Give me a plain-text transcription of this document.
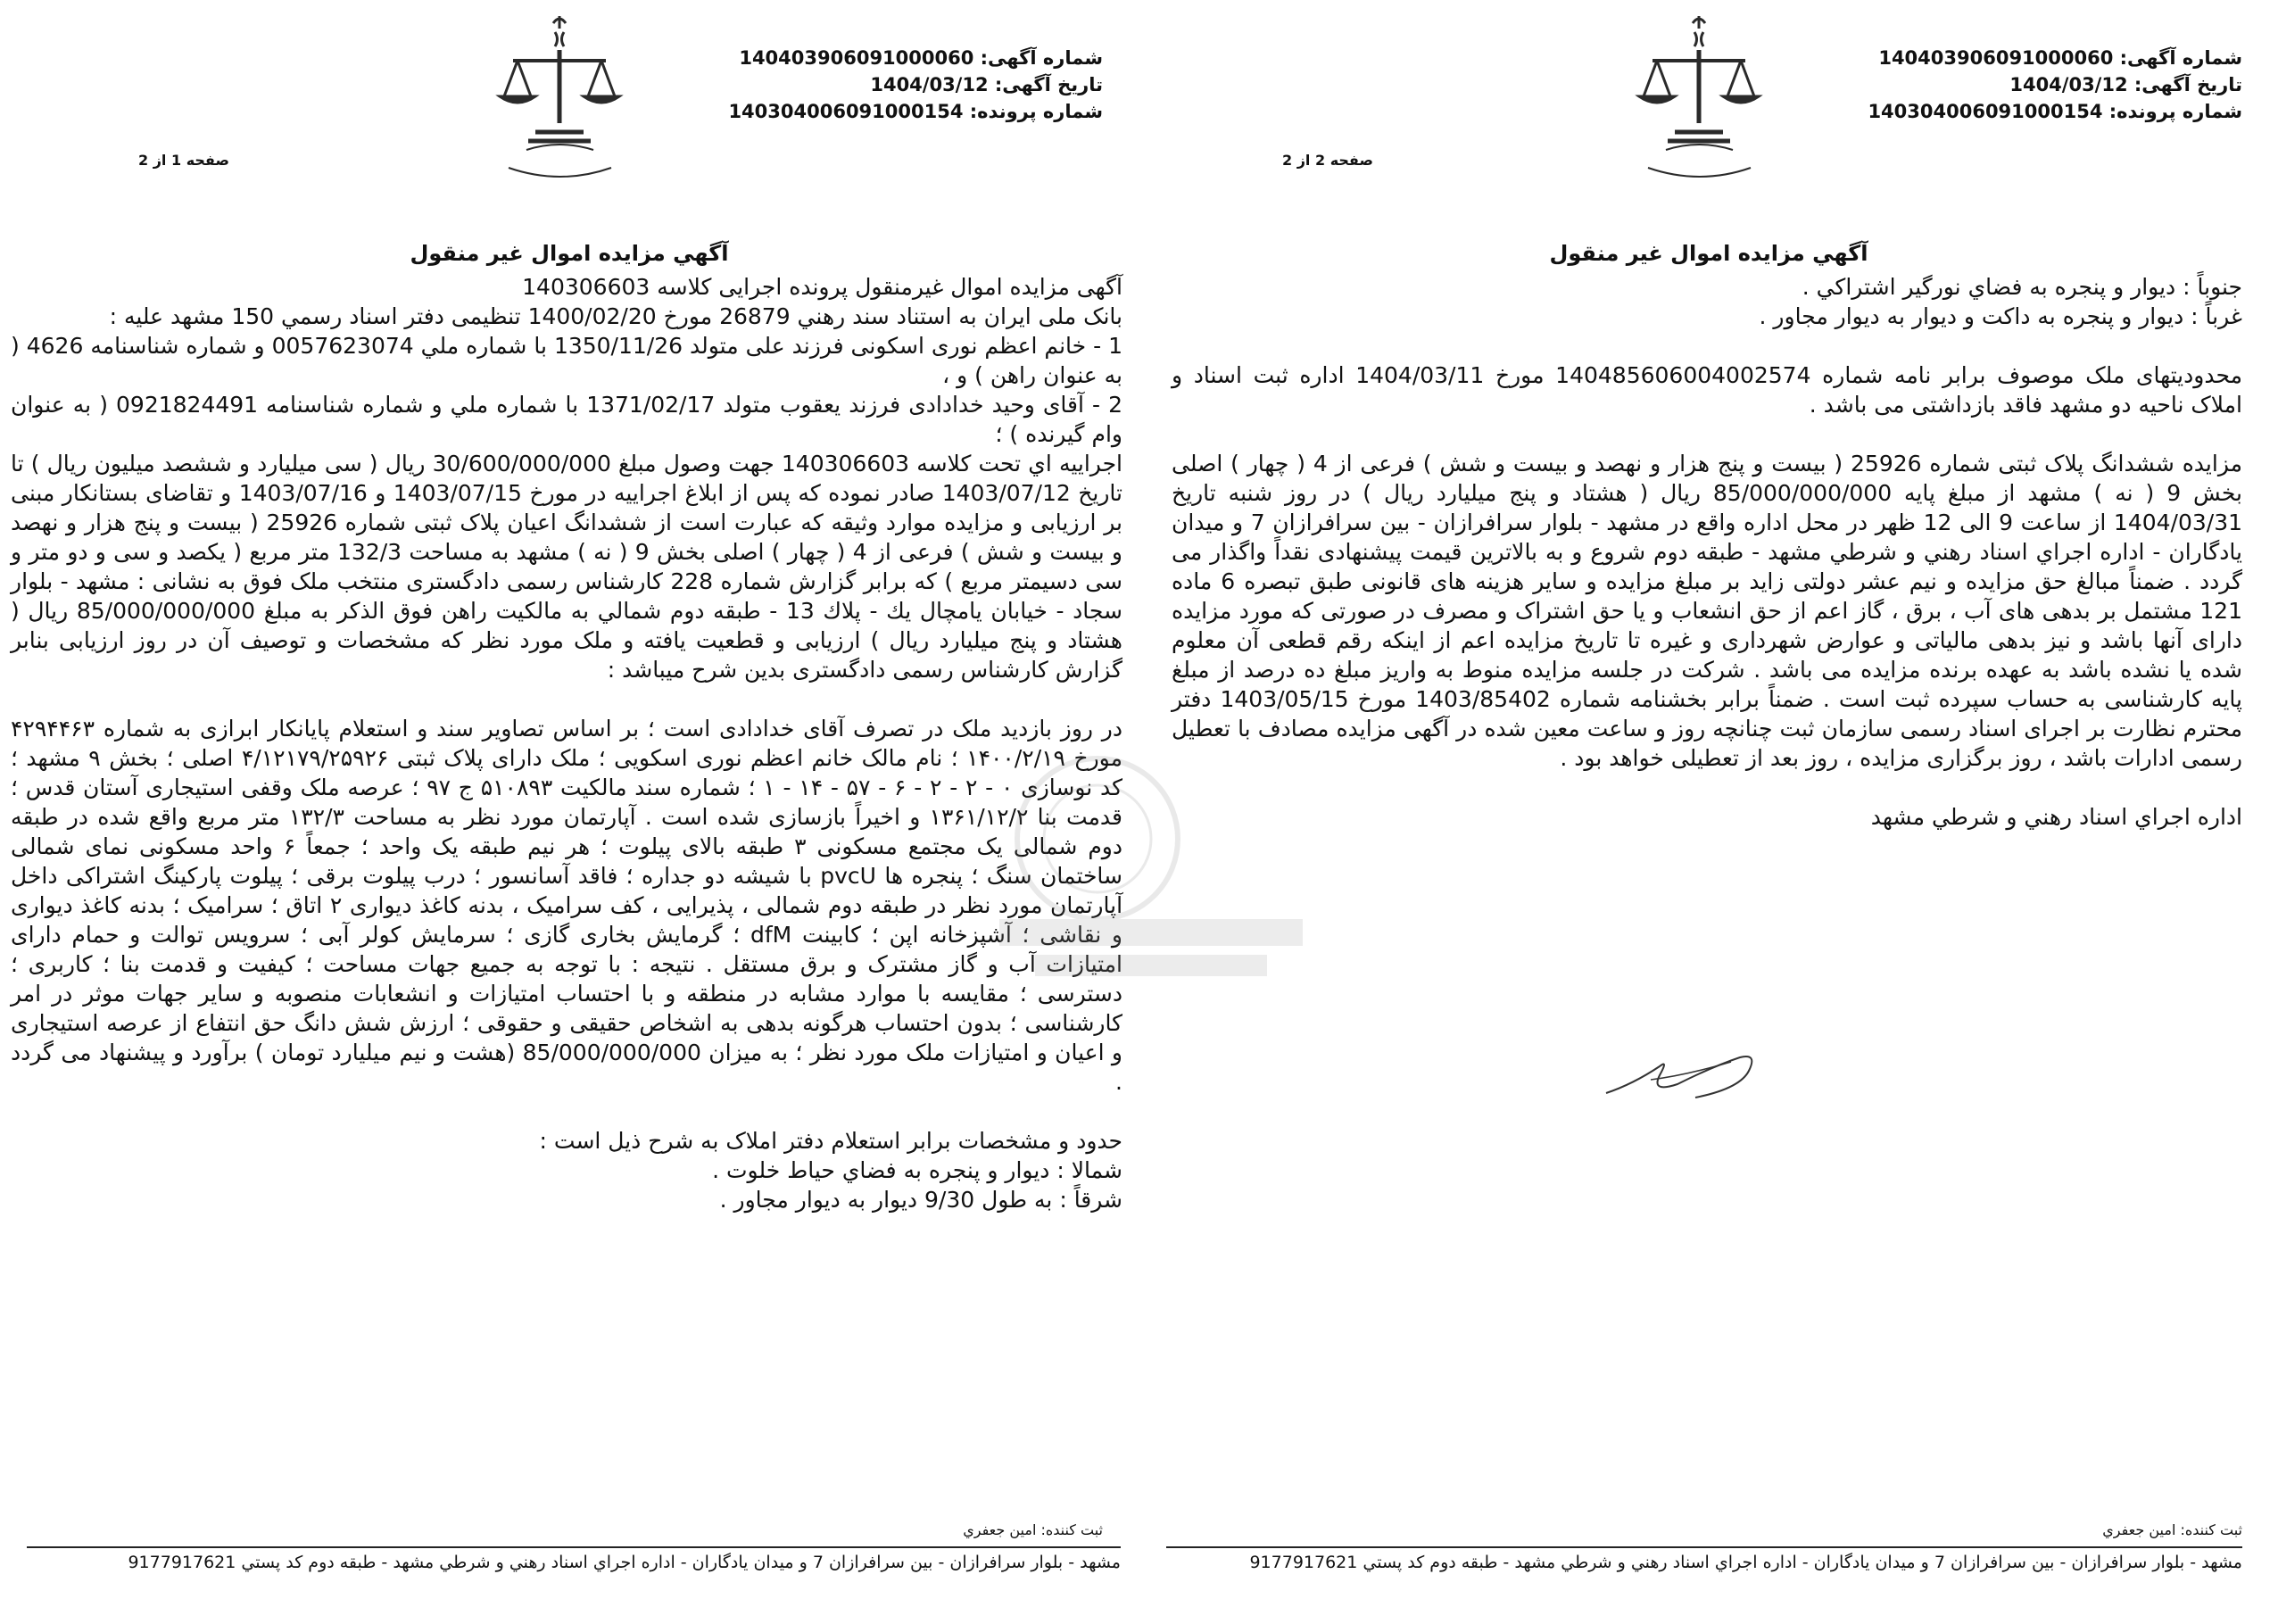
شماره آگهی: 140403906091000060
تاریخ آگهی: 1404/03/12
شماره پرونده: 140304006091000154
صفحه 1 از 2
آگهي مزايده اموال غير منقول

آگهی مزایده اموال غیرمنقول پرونده اجرایی کلاسه 140306603

بانک ملی ایران به استناد سند رهني 26879 مورخ 1400/02/20 تنظیمی دفتر اسناد رسمي 150 مشهد علیه :

1 - خانم اعظم نوری اسکونی فرزند علی متولد 1350/11/26 با شماره ملي 0057623074 و شماره شناسنامه 4626 ( به عنوان راهن ) و ،

2 - آقای وحید خدادادی فرزند یعقوب متولد 1371/02/17 با شماره ملي و شماره شناسنامه 0921824491 ( به عنوان وام گیرنده ) ؛

اجرایيه اي تحت کلاسه 140306603 جهت وصول مبلغ 30/600/000/000 ریال ( سی میلیارد و ششصد میلیون ریال ) تا تاریخ 1403/07/12 صادر نموده که پس از ابلاغ اجراییه در مورخ 1403/07/15 و 1403/07/16 و تقاضای بستانکار مبنی بر ارزیابی و مزایده موارد وثیقه که عبارت است از ششدانگ اعیان پلاک ثبتی شماره 25926 ( بیست و پنج هزار و نهصد و بیست و شش ) فرعی از 4 ( چهار ) اصلی بخش 9 ( نه ) مشهد به مساحت 132/3 متر مربع ( یکصد و سی و دو متر و سی دسیمتر مربع ) که برابر گزارش شماره 228 کارشناس رسمی دادگستری منتخب ملک فوق به نشانی : مشهد - بلوار سجاد - خیابان یامچال یك - پلاك 13 - طبقه دوم شمالي به مالکیت راهن فوق الذکر به مبلغ 85/000/000/000 ریال ( هشتاد و پنج میلیارد ریال ) ارزیابی و قطعیت یافته و ملک مورد نظر که مشخصات و توصیف آن در روز ارزیابی بنابر گزارش کارشناس رسمی دادگستری بدین شرح میباشد :

در روز بازدید ملک در تصرف آقای خدادادی است ؛ بر اساس تصاویر سند و استعلام پایانکار ابرازی به شماره ۴۲۹۴۴۶۳ مورخ ۱۴۰۰/۲/۱۹ ؛ نام مالک خانم اعظم نوری اسکویی ؛ ملک دارای پلاک ثبتی ۴/۱۲۱۷۹/۲۵۹۲۶ اصلی ؛ بخش ۹ مشهد ؛ کد نوسازی ۰ - ۲ - ۲ - ۶ - ۵۷ - ۱۴ - ۱ ؛ شماره سند مالکیت ۵۱۰۸۹۳ ج ۹۷ ؛ عرصه ملک وقفی استیجاری آستان قدس ؛ قدمت بنا ۱۳۶۱/۱۲/۲ و اخیراً بازسازی شده است . آپارتمان مورد نظر به مساحت ۱۳۲/۳ متر مربع واقع شده در طبقه دوم شمالی یک مجتمع مسکونی ۳ طبقه بالای پیلوت ؛ هر نیم طبقه یک واحد ؛ جمعاً ۶ واحد مسکونی نمای شمالی ساختمان سنگ ؛ پنجره ها pvcU با شیشه دو جداره ؛ فاقد آسانسور ؛ درب پیلوت برقی ؛ پیلوت پارکینگ اشتراکی داخل آپارتمان مورد نظر در طبقه دوم شمالی ، پذیرایی ، کف سرامیک ، بدنه کاغذ دیواری ۲ اتاق ؛ سرامیک ؛ بدنه کاغذ دیواری و نقاشی ؛ آشپزخانه اپن ؛ کابینت dfM ؛ گرمایش بخاری گازی ؛ سرمایش کولر آبی ؛ سرویس توالت و حمام دارای امتیازات آب و گاز مشترک و برق مستقل . نتیجه : با توجه به جمیع جهات مساحت ؛ کیفیت و قدمت بنا ؛ کاربری ؛ دسترسی ؛ مقایسه با موارد مشابه در منطقه و با احتساب امتیازات و انشعابات منصوبه و سایر جهات موثر در امر کارشناسی ؛ بدون احتساب هرگونه بدهی به اشخاص حقیقی و حقوقی ؛ ارزش شش دانگ حق انتفاع از عرصه استیجاری و اعیان و امتیازات ملک مورد نظر ؛ به میزان 85/000/000/000 (هشت و نیم میلیارد تومان ) برآورد و پیشنهاد می گردد .

حدود و مشخصات برابر استعلام دفتر املاک به شرح ذیل است :

شمالا : دیوار و پنجره به فضاي حیاط خلوت .

شرقاً : به طول 9/30 دیوار به دیوار مجاور .

ثبت کننده: امین جعفري
مشهد - بلوار سرافرازان - بين سرافرازان 7 و ميدان يادگاران - اداره اجراي اسناد رهني و شرطي مشهد - طبقه دوم کد پستي 9177917621
شماره آگهی: 140403906091000060
تاریخ آگهی: 1404/03/12
شماره پرونده: 140304006091000154
صفحه 2 از 2
آگهي مزايده اموال غير منقول

جنوباً : دیوار و پنجره به فضاي نورگیر اشتراکي .

غرباً : دیوار و پنجره به داکت و دیوار به دیوار مجاور .

محدودیتهای ملک موصوف برابر نامه شماره 140485606004002574 مورخ 1404/03/11 اداره ثبت اسناد و املاک ناحیه دو مشهد فاقد بازداشتی می باشد .

مزایده ششدانگ پلاک ثبتی شماره 25926 ( بیست و پنج هزار و نهصد و بیست و شش ) فرعی از 4 ( چهار ) اصلی بخش 9 ( نه ) مشهد از مبلغ پایه 85/000/000/000 ریال ( هشتاد و پنج میلیارد ریال ) در روز شنبه تاریخ 1404/03/31 از ساعت 9 الی 12 ظهر در محل اداره واقع در مشهد - بلوار سرافرازان - بین سرافرازان 7 و میدان یادگاران - اداره اجراي اسناد رهني و شرطي مشهد - طبقه دوم شروع و به بالاترین قیمت پیشنهادی نقداً واگذار می گردد . ضمناً مبالغ حق مزایده و نیم عشر دولتی زاید بر مبلغ مزایده و سایر هزینه های قانونی طبق تبصره 6 ماده 121 مشتمل بر بدهی های آب ، برق ، گاز اعم از حق انشعاب و یا حق اشتراک و مصرف در صورتی که مورد مزایده دارای آنها باشد و نیز بدهی مالیاتی و عوارض شهرداری و غیره تا تاریخ مزایده اعم از اینکه رقم قطعی آن معلوم شده یا نشده باشد به عهده برنده مزایده می باشد . شرکت در جلسه مزایده منوط به واریز مبلغ ده درصد از مبلغ پایه کارشناسی به حساب سپرده ثبت است . ضمناً برابر بخشنامه شماره 1403/85402 مورخ 1403/05/15 دفتر محترم نظارت بر اجرای اسناد رسمی سازمان ثبت چنانچه روز و ساعت معین شده در آگهی مزایده مصادف با تعطیل رسمی ادارات باشد ، روز برگزاری مزایده ، روز بعد از تعطیلی خواهد بود .

اداره اجراي اسناد رهني و شرطي مشهد

ثبت کننده: امین جعفري
مشهد - بلوار سرافرازان - بين سرافرازان 7 و ميدان يادگاران - اداره اجراي اسناد رهني و شرطي مشهد - طبقه دوم کد پستي 9177917621
